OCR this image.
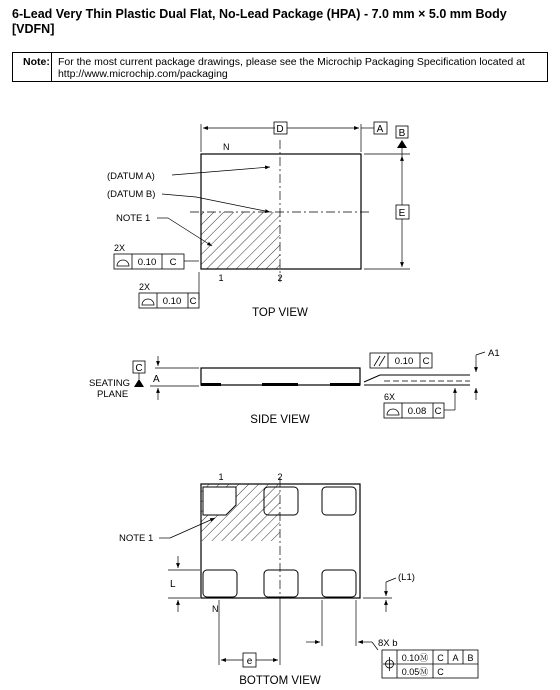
6-Lead Very Thin Plastic Dual Flat, No-Lead Package (HPA) - 7.0 mm × 5.0 mm Body [VDFN]
Note: For the most current package drawings, please see the Microchip Packaging Specification located at http://www.microchip.com/packaging
D	A B
E
N
1	2
(DATUM A)
(DATUM B)
NOTE 1
2X
0.10 C
2X
0.10 C
TOP VIEW
C
A
SEATING
PLANE
0.10 C
A1
6X
0.08 C
SIDE VIEW
1	2
N
NOTE 1
L
(L1)
e
8X b
0.10Ⓜ C A B
0.05Ⓜ C
BOTTOM VIEW
